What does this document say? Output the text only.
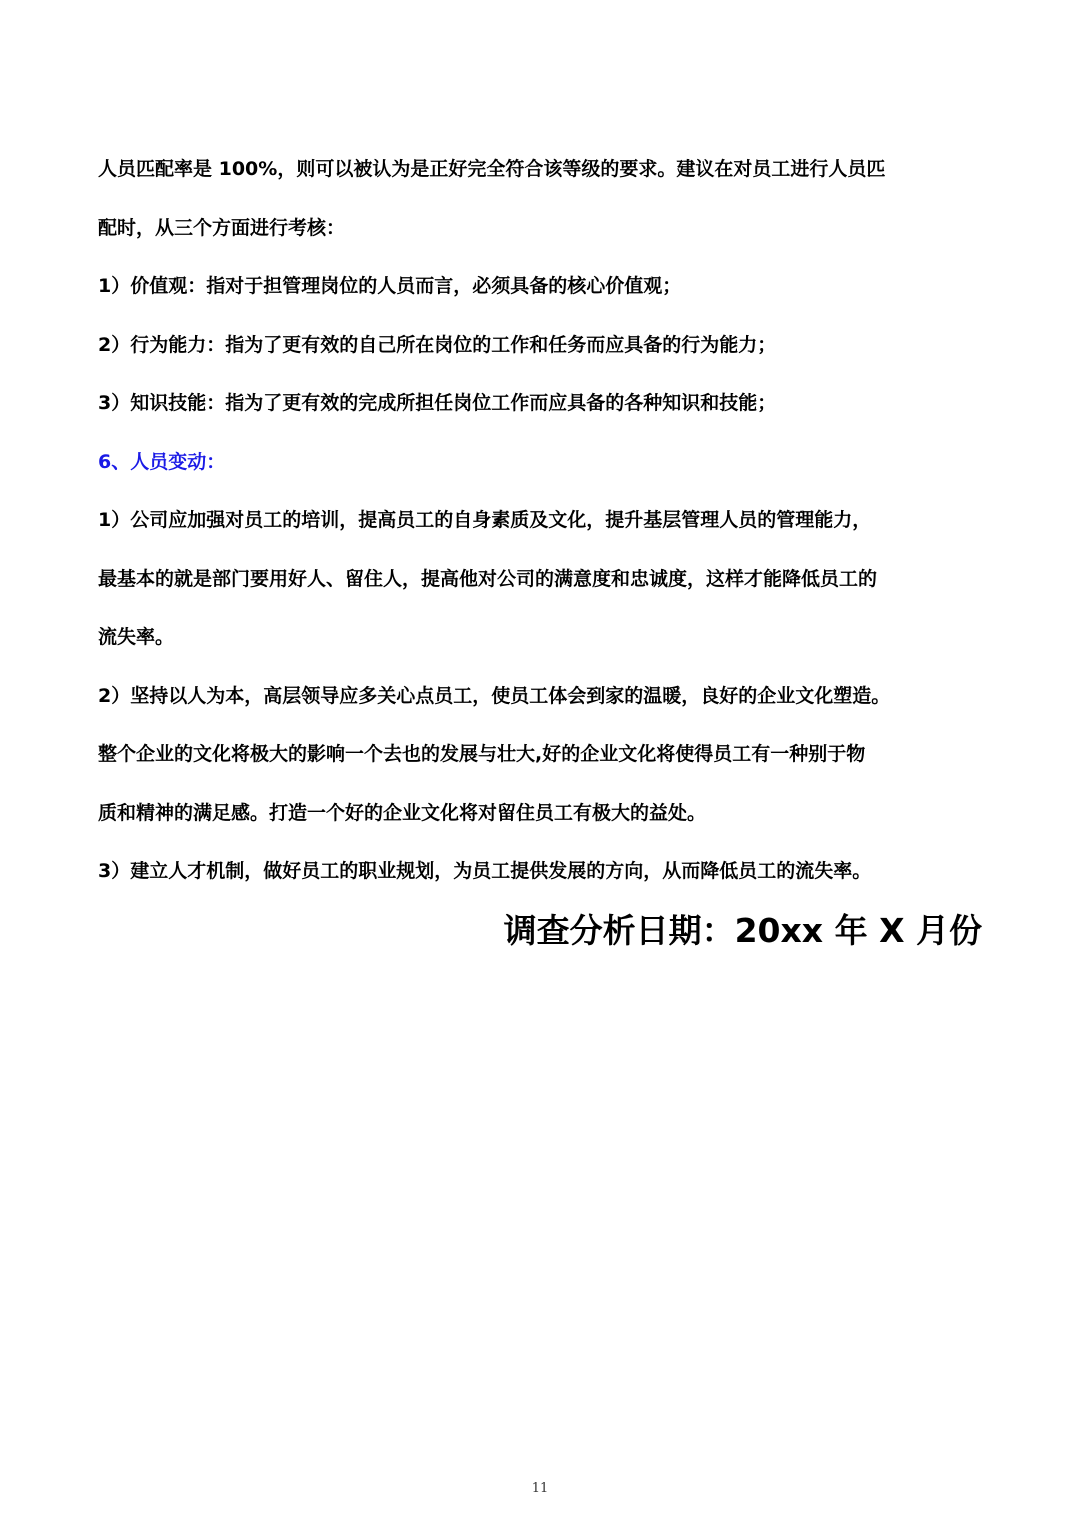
人员匹配率是 100%，则可以被认为是正好完全符合该等级的要求。建议在对员工进行人员匹
配时，从三个方面进行考核：
1）价值观：指对于担管理岗位的人员而言，必须具备的核心价值观；
2）行为能力：指为了更有效的自己所在岗位的工作和任务而应具备的行为能力；
3）知识技能：指为了更有效的完成所担任岗位工作而应具备的各种知识和技能；
6、人员变动：
1）公司应加强对员工的培训，提高员工的自身素质及文化，提升基层管理人员的管理能力，
最基本的就是部门要用好人、留住人，提高他对公司的满意度和忠诚度，这样才能降低员工的
流失率。
2）坚持以人为本，高层领导应多关心点员工，使员工体会到家的温暖，良好的企业文化塑造。
整个企业的文化将极大的影响一个去也的发展与壮大,好的企业文化将使得员工有一种别于物
质和精神的满足感。打造一个好的企业文化将对留住员工有极大的益处。
3）建立人才机制，做好员工的职业规划，为员工提供发展的方向，从而降低员工的流失率。
调查分析日期：20xx 年 X 月份
11
